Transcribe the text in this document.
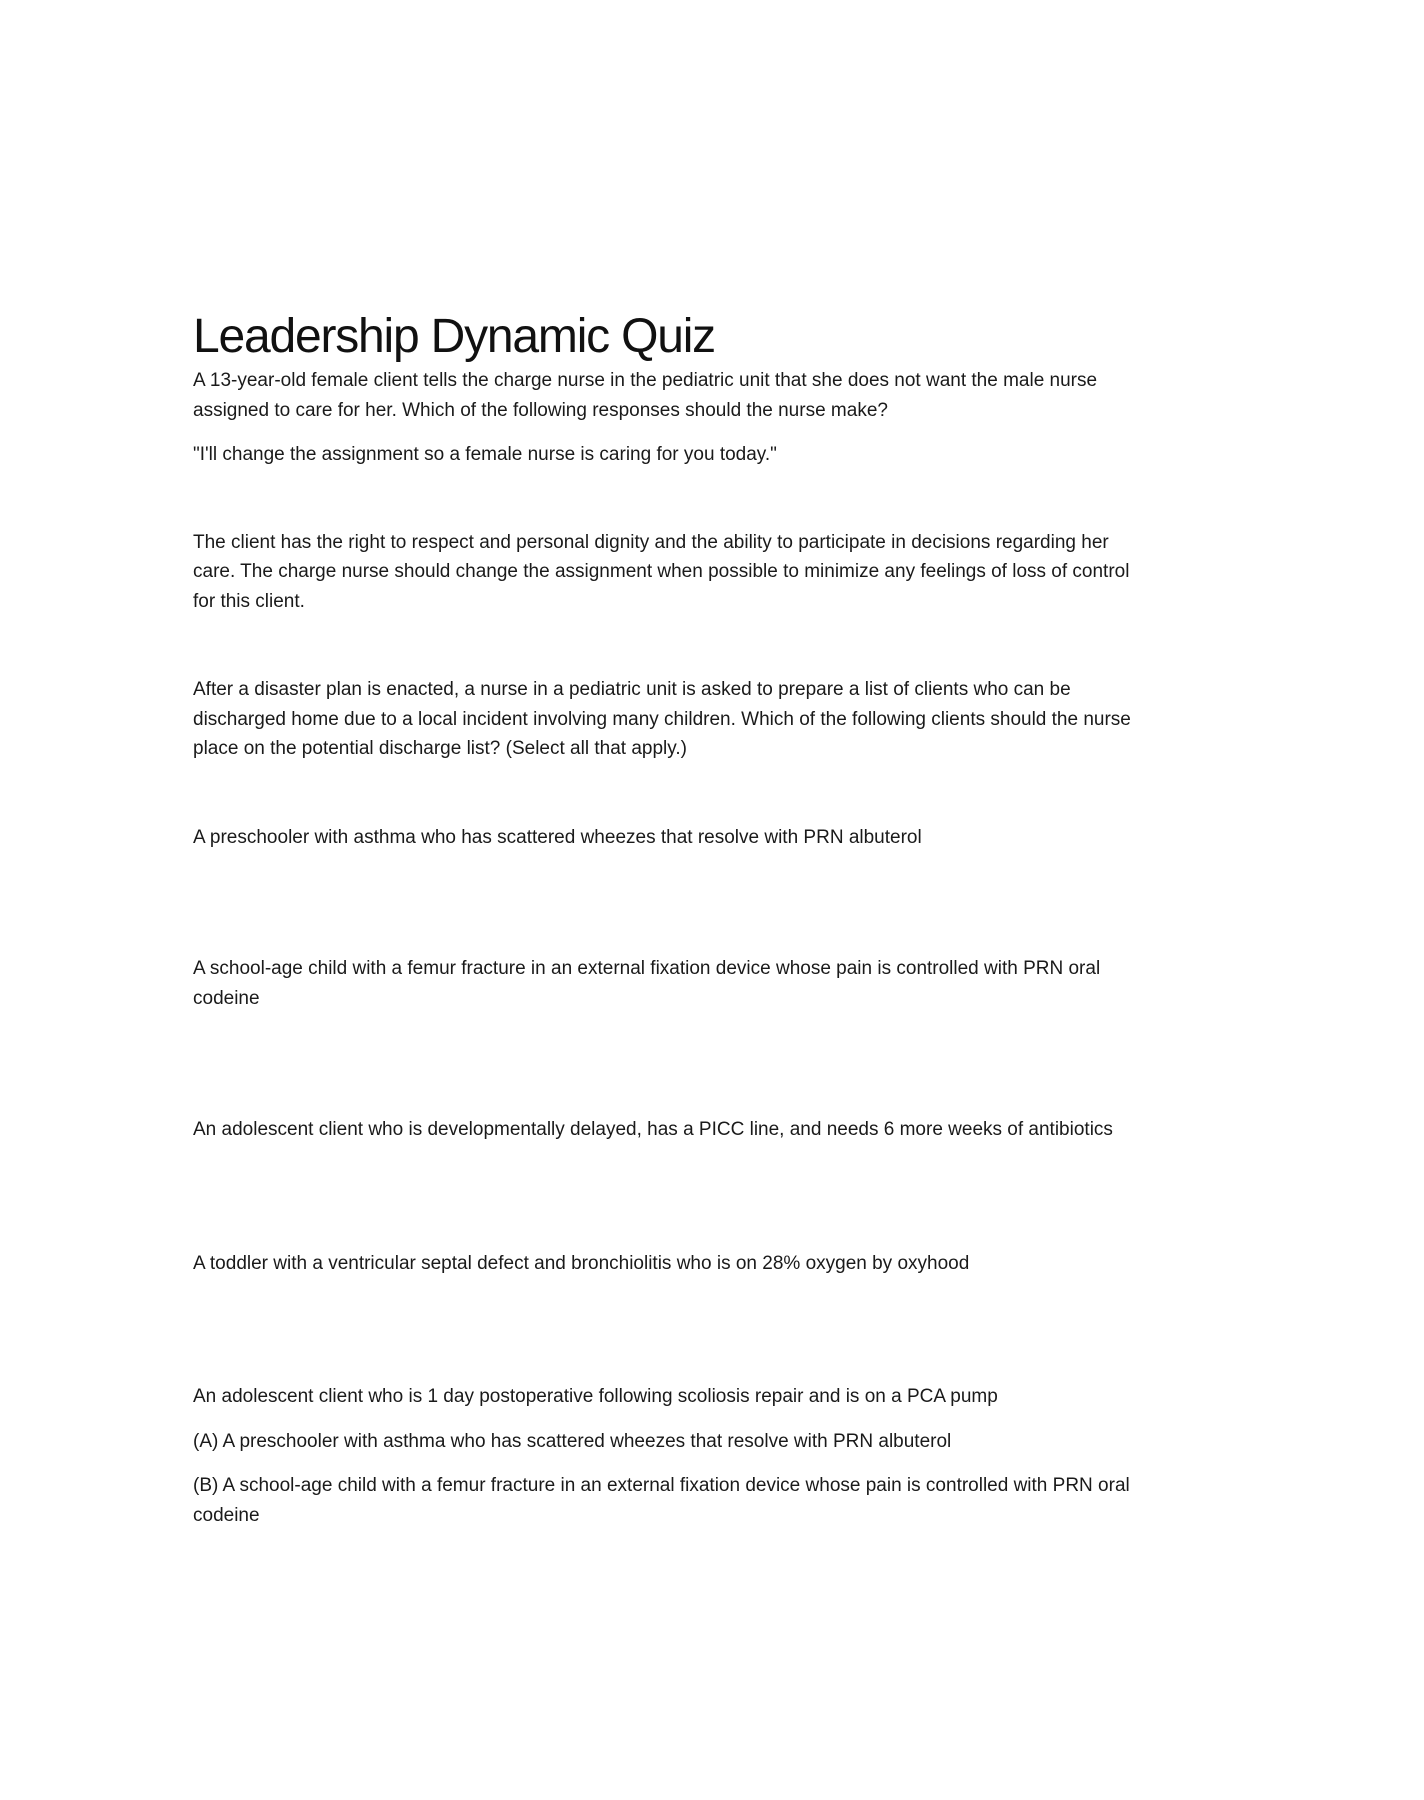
Leadership Dynamic Quiz

A 13-year-old female client tells the charge nurse in the pediatric unit that she does not want the male nurse assigned to care for her. Which of the following responses should the nurse make?

"I'll change the assignment so a female nurse is caring for you today."

The client has the right to respect and personal dignity and the ability to participate in decisions regarding her care. The charge nurse should change the assignment when possible to minimize any feelings of loss of control for this client.

After a disaster plan is enacted, a nurse in a pediatric unit is asked to prepare a list of clients who can be discharged home due to a local incident involving many children. Which of the following clients should the nurse place on the potential discharge list? (Select all that apply.)

A preschooler with asthma who has scattered wheezes that resolve with PRN albuterol

A school-age child with a femur fracture in an external fixation device whose pain is controlled with PRN oral codeine

An adolescent client who is developmentally delayed, has a PICC line, and needs 6 more weeks of antibiotics

A toddler with a ventricular septal defect and bronchiolitis who is on 28% oxygen by oxyhood

An adolescent client who is 1 day postoperative following scoliosis repair and is on a PCA pump

(A) A preschooler with asthma who has scattered wheezes that resolve with PRN albuterol

(B) A school-age child with a femur fracture in an external fixation device whose pain is controlled with PRN oral codeine
